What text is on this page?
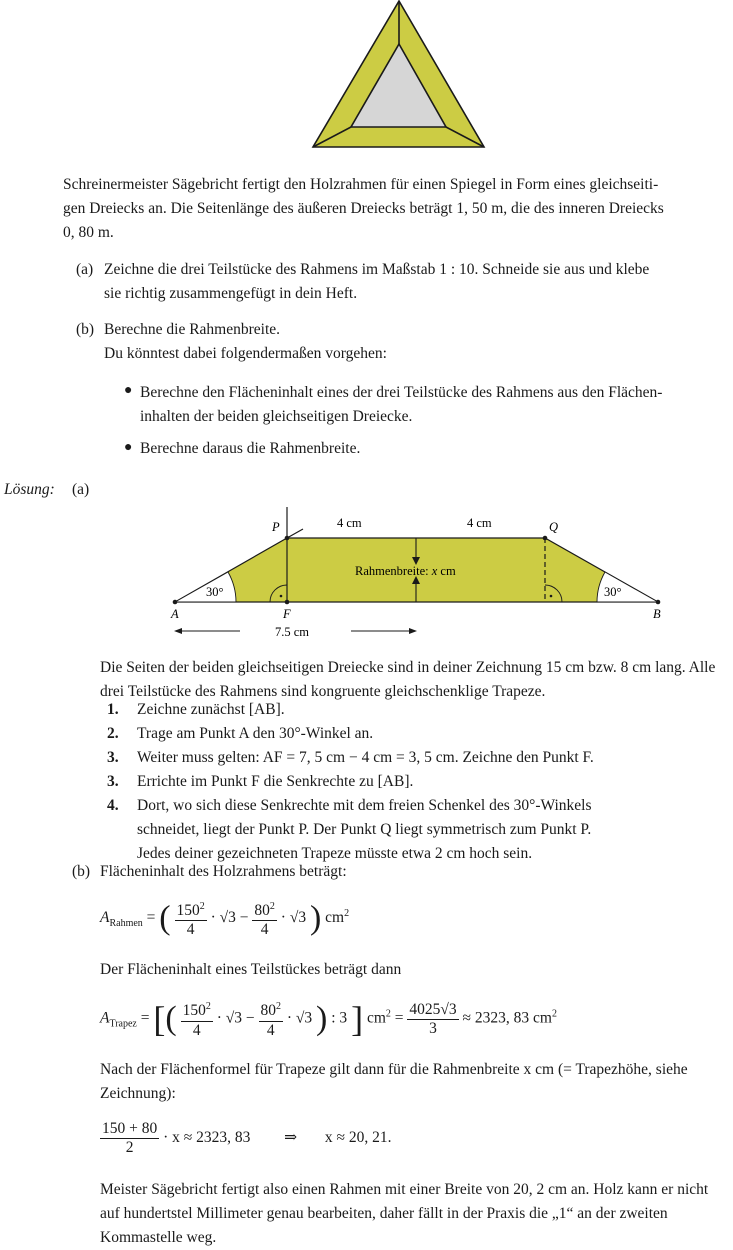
Schreinermeister Sägebricht fertigt den Holzrahmen für einen Spiegel in Form eines gleichseiti-
gen Dreiecks an. Die Seitenlänge des äußeren Dreiecks beträgt 1, 50 m, die des inneren Dreiecks
0, 80 m.
(a) Zeichne die drei Teilstücke des Rahmens im Maßstab 1 : 10. Schneide sie aus und klebe
sie richtig zusammengefügt in dein Heft.
(b) Berechne die Rahmenbreite.
Du könntest dabei folgendermaßen vorgehen:
● Berechne den Flächeninhalt eines der drei Teilstücke des Rahmens aus den Flächen-
inhalten der beiden gleichseitigen Dreiecke.
● Berechne daraus die Rahmenbreite.
Lösung: (a)
P	Q
A	B
F
4 cm	4 cm
Rahmenbreite: x cm
30°	30°
7.5 cm
Die Seiten der beiden gleichseitigen Dreiecke sind in deiner Zeichnung 15 cm bzw. 8 cm lang. Alle
drei Teilstücke des Rahmens sind kongruente gleichschenklige Trapeze.
1. Zeichne zunächst [AB].
2. Trage am Punkt A den 30°-Winkel an.
3. Weiter muss gelten: AF = 7, 5 cm − 4 cm = 3, 5 cm. Zeichne den Punkt F.
3. Errichte im Punkt F die Senkrechte zu [AB].
4. Dort, wo sich diese Senkrechte mit dem freien Schenkel des 30°-Winkels
schneidet, liegt der Punkt P. Der Punkt Q liegt symmetrisch zum Punkt P.
Jedes deiner gezeichneten Trapeze müsste etwa 2 cm hoch sein.
(b) Flächeninhalt des Holzrahmens beträgt:
$A_{Rahmen}$ = ( $\frac{150^2}{4} \cdot √3 - \frac{80^2}{4} \cdot √3$ ) $cm^2$
Der Flächeninhalt eines Teilstückes beträgt dann
$A_{Trapez}$ = [( $\frac{150^2}{4} \cdot √3 - \frac{80^2}{4} \cdot √3$ ) : 3 ] $cm^2 = \frac{4025√3}{3} \approx 2323$, 83 $cm^2$
Nach der Flächenformel für Trapeze gilt dann für die Rahmenbreite x cm (= Trapezhöhe, siehe
Zeichnung):
$\frac{150 + 80}{2} \cdot x \approx 2323$, 83 ⇒ x ≈ 20, 21.
Meister Sägebricht fertigt also einen Rahmen mit einer Breite von 20, 2 cm an. Holz kann er nicht
auf hundertstel Millimeter genau bearbeiten, daher fällt in der Praxis die „1“ an der zweiten
Kommastelle weg.
